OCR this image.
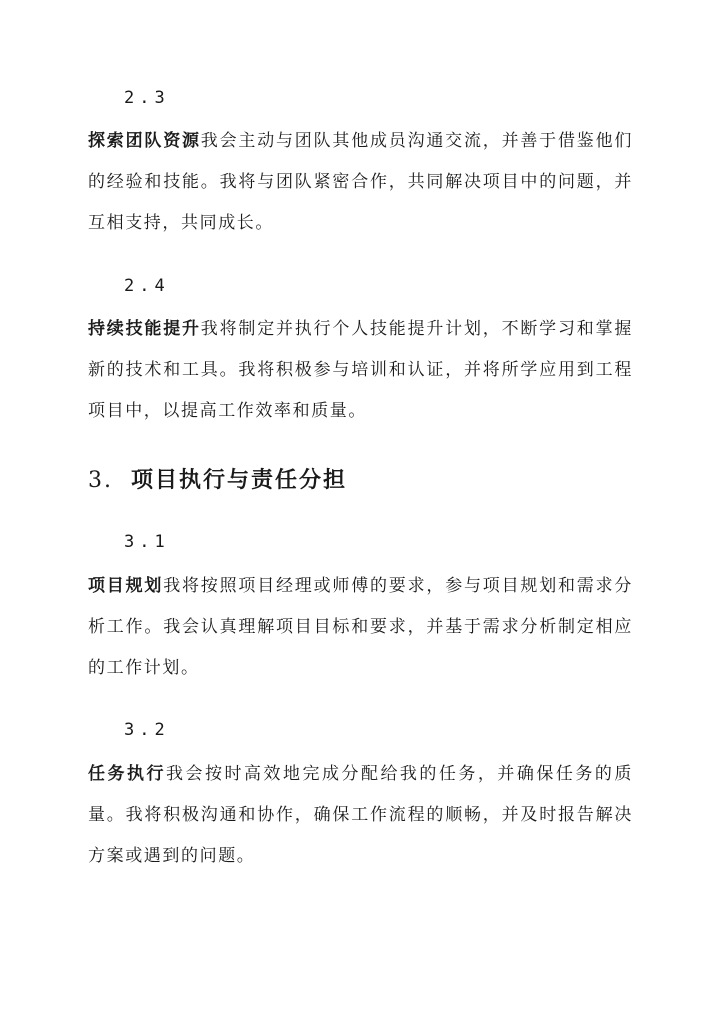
2.3
探索团队资源我会主动与团队其他成员沟通交流，并善于借鉴他们的经验和技能。我将与团队紧密合作，共同解决项目中的问题，并互相支持，共同成长。
2.4
持续技能提升我将制定并执行个人技能提升计划，不断学习和掌握新的技术和工具。我将积极参与培训和认证，并将所学应用到工程项目中，以提高工作效率和质量。
3. 项目执行与责任分担
3.1
项目规划我将按照项目经理或师傅的要求，参与项目规划和需求分析工作。我会认真理解项目目标和要求，并基于需求分析制定相应的工作计划。
3.2
任务执行我会按时高效地完成分配给我的任务，并确保任务的质量。我将积极沟通和协作，确保工作流程的顺畅，并及时报告解决方案或遇到的问题。
